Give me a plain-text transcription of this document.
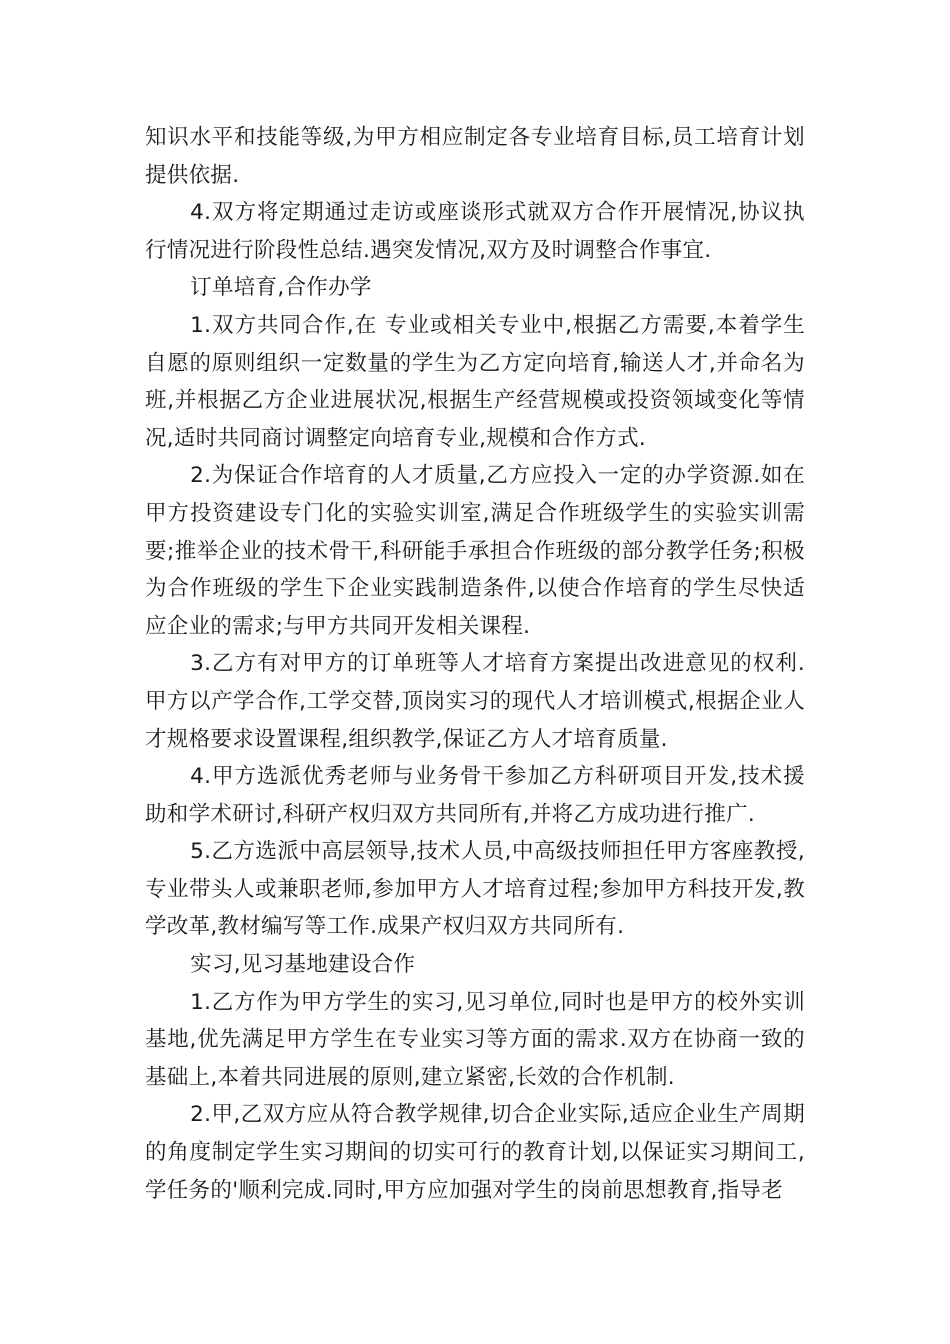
知识水平和技能等级,为甲方相应制定各专业培育目标,员工培育计划提供依据.

4.双方将定期通过走访或座谈形式就双方合作开展情况,协议执行情况进行阶段性总结.遇突发情况,双方及时调整合作事宜.

订单培育,合作办学

1.双方共同合作,在 专业或相关专业中,根据乙方需要,本着学生自愿的原则组织一定数量的学生为乙方定向培育,输送人才,并命名为班,并根据乙方企业进展状况,根据生产经营规模或投资领域变化等情况,适时共同商讨调整定向培育专业,规模和合作方式.

2.为保证合作培育的人才质量,乙方应投入一定的办学资源.如在甲方投资建设专门化的实验实训室,满足合作班级学生的实验实训需要;推举企业的技术骨干,科研能手承担合作班级的部分教学任务;积极为合作班级的学生下企业实践制造条件,以使合作培育的学生尽快适应企业的需求;与甲方共同开发相关课程.

3.乙方有对甲方的订单班等人才培育方案提出改进意见的权利.甲方以产学合作,工学交替,顶岗实习的现代人才培训模式,根据企业人才规格要求设置课程,组织教学,保证乙方人才培育质量.

4.甲方选派优秀老师与业务骨干参加乙方科研项目开发,技术援助和学术研讨,科研产权归双方共同所有,并将乙方成功进行推广.

5.乙方选派中高层领导,技术人员,中高级技师担任甲方客座教授,专业带头人或兼职老师,参加甲方人才培育过程;参加甲方科技开发,教学改革,教材编写等工作.成果产权归双方共同所有.

实习,见习基地建设合作

1.乙方作为甲方学生的实习,见习单位,同时也是甲方的校外实训基地,优先满足甲方学生在专业实习等方面的需求.双方在协商一致的基础上,本着共同进展的原则,建立紧密,长效的合作机制.

2.甲,乙双方应从符合教学规律,切合企业实际,适应企业生产周期的角度制定学生实习期间的切实可行的教育计划,以保证实习期间工,学任务的'顺利完成.同时,甲方应加强对学生的岗前思想教育,指导老
